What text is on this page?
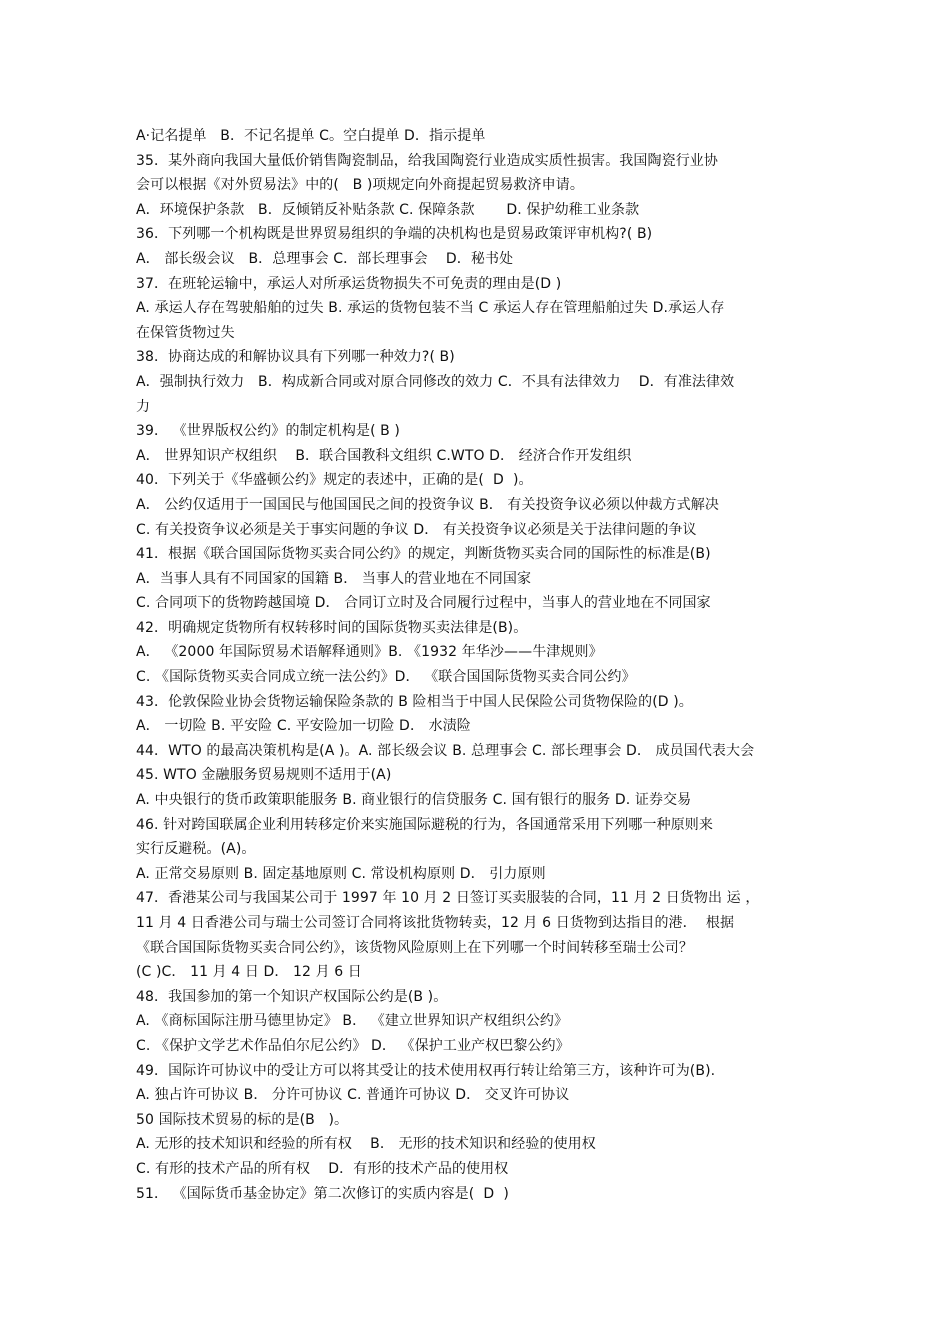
A·记名提单   B．不记名提单 C。空白提单 D．指示提单
35．某外商向我国大量低价销售陶瓷制品，给我国陶瓷行业造成实质性损害。我国陶瓷行业协
会可以根据《对外贸易法》中的(   B )项规定向外商提起贸易救济申请。
A．环境保护条款   B．反倾销反补贴条款 C. 保障条款       D. 保护幼稚工业条款
36．下列哪一个机构既是世界贸易组织的争端的决机构也是贸易政策评审机构?( B)
A． 部长级会议   B．总理事会 C．部长理事会    D．秘书处
37．在班轮运输中，承运人对所承运货物损失不可免责的理由是(D )
A. 承运人存在驾驶船舶的过失 B. 承运的货物包装不当 C 承运人存在管理船舶过失 D.承运人存
在保管货物过失
38．协商达成的和解协议具有下列哪一种效力?( B)
A．强制执行效力   B．构成新合同或对原合同修改的效力 C．不具有法律效力    D．有准法律效
力
39． 《世界版权公约》的制定机构是( B )
A． 世界知识产权组织    B．联合国教科文组织 C.WTO D． 经济合作开发组织
40．下列关于《华盛顿公约》规定的表述中，正确的是(  D  )。
A． 公约仅适用于一国国民与他国国民之间的投资争议 B． 有关投资争议必须以仲裁方式解决
C. 有关投资争议必须是关于事实问题的争议 D． 有关投资争议必须是关于法律问题的争议
41．根据《联合国国际货物买卖合同公约》的规定，判断货物买卖合同的国际性的标准是(B)
A．当事人具有不同国家的国籍 B． 当事人的营业地在不同国家
C. 合同项下的货物跨越国境 D． 合同订立时及合同履行过程中，当事人的营业地在不同国家
42．明确规定货物所有权转移时间的国际货物买卖法律是(B)。
A． 《2000 年国际贸易术语解释通则》B. 《1932 年华沙——牛津规则》
C. 《国际货物买卖合同成立统一法公约》D． 《联合国国际货物买卖合同公约》
43．伦敦保险业协会货物运输保险条款的 B 险相当于中国人民保险公司货物保险的(D )。
A． 一切险 B. 平安险 C. 平安险加一切险 D． 水渍险
44．WTO 的最高决策机构是(A )。A. 部长级会议 B. 总理事会 C. 部长理事会 D． 成员国代表大会
45. WTO 金融服务贸易规则不适用于(A)
A. 中央银行的货币政策职能服务 B. 商业银行的信贷服务 C. 国有银行的服务 D. 证券交易
46. 针对跨国联属企业利用转移定价来实施国际避税的行为，各国通常采用下列哪一种原则来
实行反避税。(A)。
A. 正常交易原则 B. 固定基地原则 C. 常设机构原则 D． 引力原则
47．香港某公司与我国某公司于 1997 年 10 月 2 日签订买卖服装的合同，11 月 2 日货物出 运 ，
11 月 4 日香港公司与瑞士公司签订合同将该批货物转卖，12 月 6 日货物到达指目的港．  根据
《联合国国际货物买卖合同公约》，该货物风险原则上在下列哪一个时间转移至瑞士公司？
(C )C． 11 月 4 日 D． 12 月 6 日
48．我国参加的第一个知识产权国际公约是(B )。
A. 《商标国际注册马德里协定》 B． 《建立世界知识产权组织公约》
C. 《保护文学艺术作品伯尔尼公约》 D． 《保护工业产权巴黎公约》
49．国际许可协议中的受让方可以将其受让的技术使用权再行转让给第三方，该种许可为(B).
A. 独占许可协议 B． 分许可协议 C. 普通许可协议 D． 交叉许可协议
50 国际技术贸易的标的是(B   )。
A. 无形的技术知识和经验的所有权    B． 无形的技术知识和经验的使用权
C. 有形的技术产品的所有权    D．有形的技术产品的使用权
51． 《国际货币基金协定》第二次修订的实质内容是(  D  )
